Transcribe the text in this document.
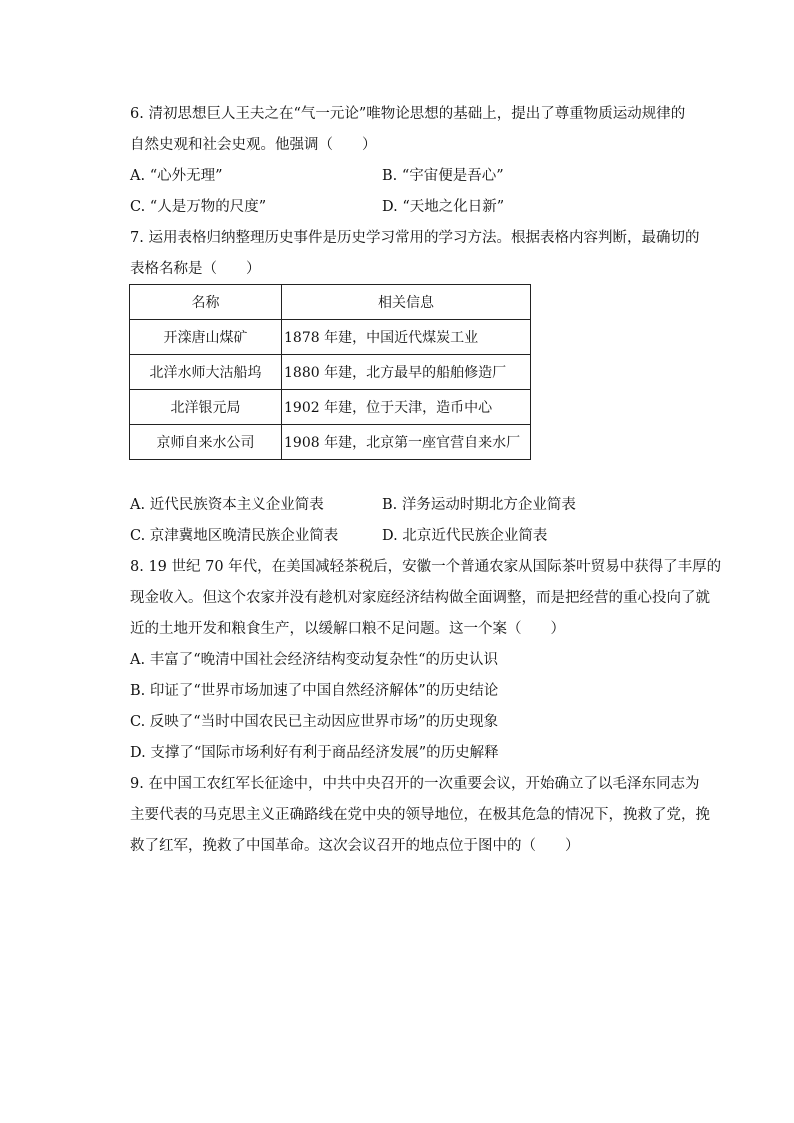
6. 清初思想巨人王夫之在“气一元论”唯物论思想的基础上，提出了尊重物质运动规律的
自然史观和社会史观。他强调（　　）
A. “心外无理”	B. “宇宙便是吾心”
C. “人是万物的尺度”	D. “天地之化日新”
7. 运用表格归纳整理历史事件是历史学习常用的学习方法。根据表格内容判断，最确切的
表格名称是（　　）
名称	相关信息
开滦唐山煤矿	1878 年建，中国近代煤炭工业
北洋水师大沽船坞	1880 年建，北方最早的船舶修造厂
北洋银元局	1902 年建，位于天津，造币中心
京师自来水公司	1908 年建，北京第一座官营自来水厂
A. 近代民族资本主义企业简表	B. 洋务运动时期北方企业简表
C. 京津冀地区晚清民族企业简表	D. 北京近代民族企业简表
8. 19 世纪 70 年代，在美国减轻茶税后，安徽一个普通农家从国际茶叶贸易中获得了丰厚的
现金收入。但这个农家并没有趁机对家庭经济结构做全面调整，而是把经营的重心投向了就
近的土地开发和粮食生产，以缓解口粮不足问题。这一个案（　　）
A. 丰富了“晚清中国社会经济结构变动复杂性“的历史认识
B. 印证了“世界市场加速了中国自然经济解体”的历史结论
C. 反映了“当时中国农民已主动因应世界市场”的历史现象
D. 支撑了“国际市场利好有利于商品经济发展”的历史解释
9. 在中国工农红军长征途中，中共中央召开的一次重要会议，开始确立了以毛泽东同志为
主要代表的马克思主义正确路线在党中央的领导地位，在极其危急的情况下，挽救了党，挽
救了红军，挽救了中国革命。这次会议召开的地点位于图中的（　　）
